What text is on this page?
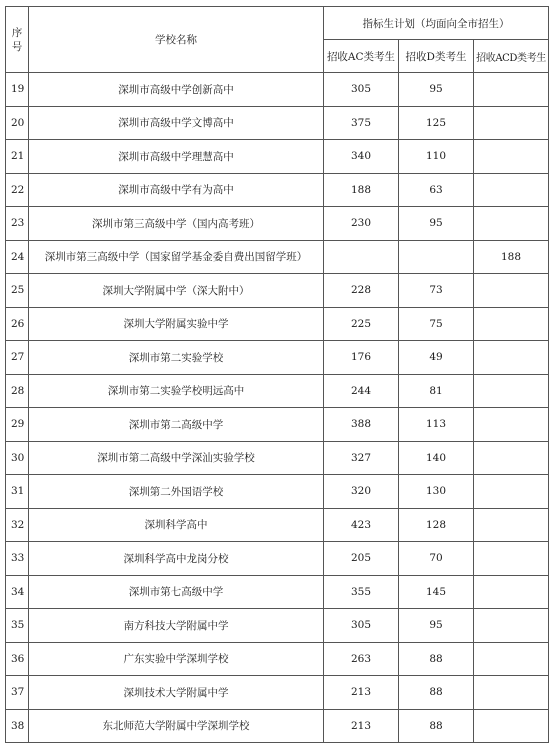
序
号	学校名称	指标生计划（均面向全市招生）		
		招收AC类考生	招收D类考生	招收ACD类考生
19	深圳市高级中学创新高中	305	95	
20	深圳市高级中学文博高中	375	125	
21	深圳市高级中学理慧高中	340	110	
22	深圳市高级中学有为高中	188	63	
23	深圳市第三高级中学（国内高考班）	230	95	
24	深圳市第三高级中学（国家留学基金委自费出国留学班）			188
25	深圳大学附属中学（深大附中）	228	73	
26	深圳大学附属实验中学	225	75	
27	深圳市第二实验学校	176	49	
28	深圳市第二实验学校明远高中	244	81	
29	深圳市第二高级中学	388	113	
30	深圳市第二高级中学深汕实验学校	327	140	
31	深圳第二外国语学校	320	130	
32	深圳科学高中	423	128	
33	深圳科学高中龙岗分校	205	70	
34	深圳市第七高级中学	355	145	
35	南方科技大学附属中学	305	95	
36	广东实验中学深圳学校	263	88	
37	深圳技术大学附属中学	213	88	
38	东北师范大学附属中学深圳学校	213	88	
